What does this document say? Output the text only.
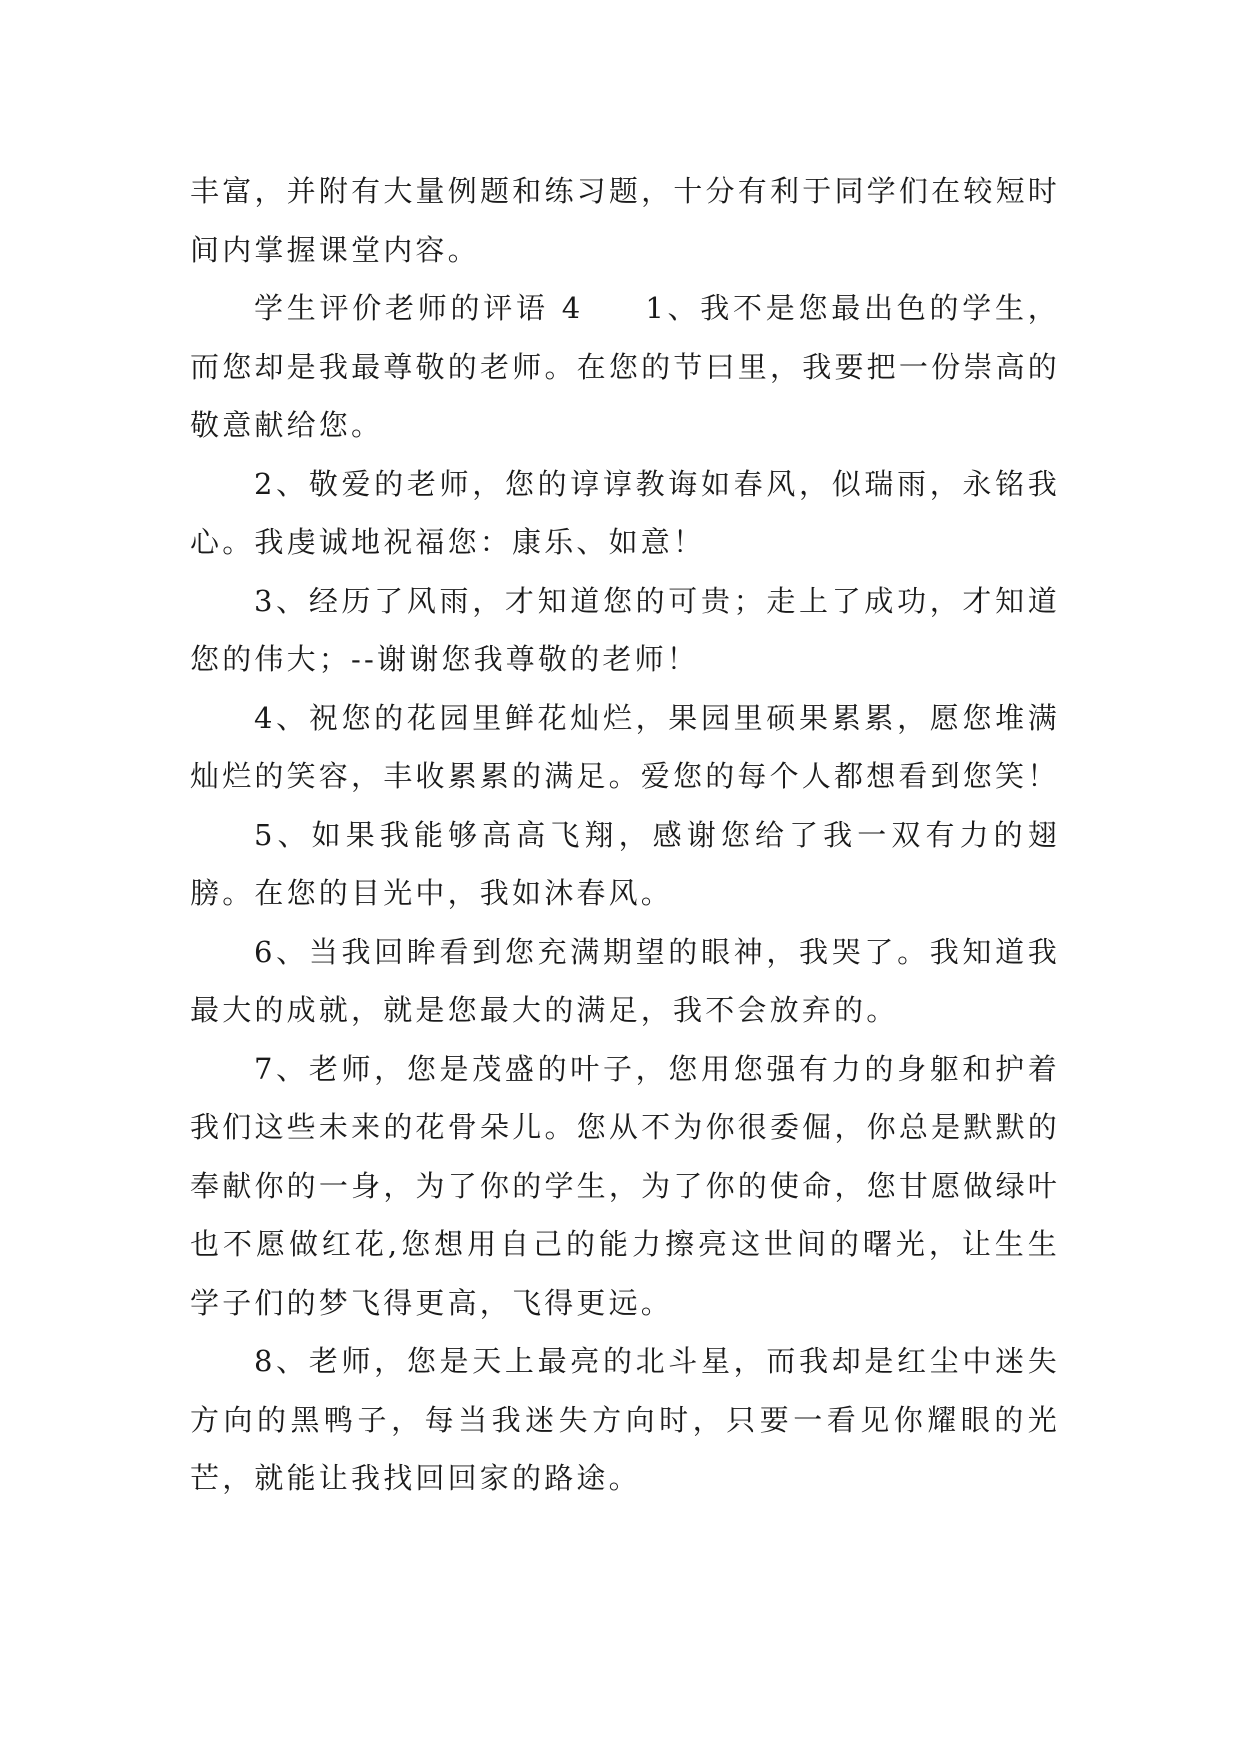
丰富，并附有大量例题和练习题，十分有利于同学们在较短时间内掌握课堂内容。

学生评价老师的评语 4 1、我不是您最出色的学生，而您却是我最尊敬的老师。在您的节曰里，我要把一份崇高的敬意献给您。

2、敬爱的老师，您的谆谆教诲如春风，似瑞雨，永铭我心。我虔诚地祝福您：康乐、如意！

3、经历了风雨，才知道您的可贵；走上了成功，才知道您的伟大；--谢谢您我尊敬的老师！

4、祝您的花园里鲜花灿烂，果园里硕果累累，愿您堆满灿烂的笑容，丰收累累的满足。爱您的每个人都想看到您笑！

5、如果我能够高高飞翔，感谢您给了我一双有力的翅膀。在您的目光中，我如沐春风。

6、当我回眸看到您充满期望的眼神，我哭了。我知道我最大的成就，就是您最大的满足，我不会放弃的。

7、老师，您是茂盛的叶子，您用您强有力的身躯和护着我们这些未来的花骨朵儿。您从不为你很委倔，你总是默默的奉献你的一身，为了你的学生，为了你的使命，您甘愿做绿叶也不愿做红花,您想用自己的能力擦亮这世间的曙光，让生生学子们的梦飞得更高，飞得更远。

8、老师，您是天上最亮的北斗星，而我却是红尘中迷失方向的黑鸭子，每当我迷失方向时，只要一看见你耀眼的光芒，就能让我找回回家的路途。
